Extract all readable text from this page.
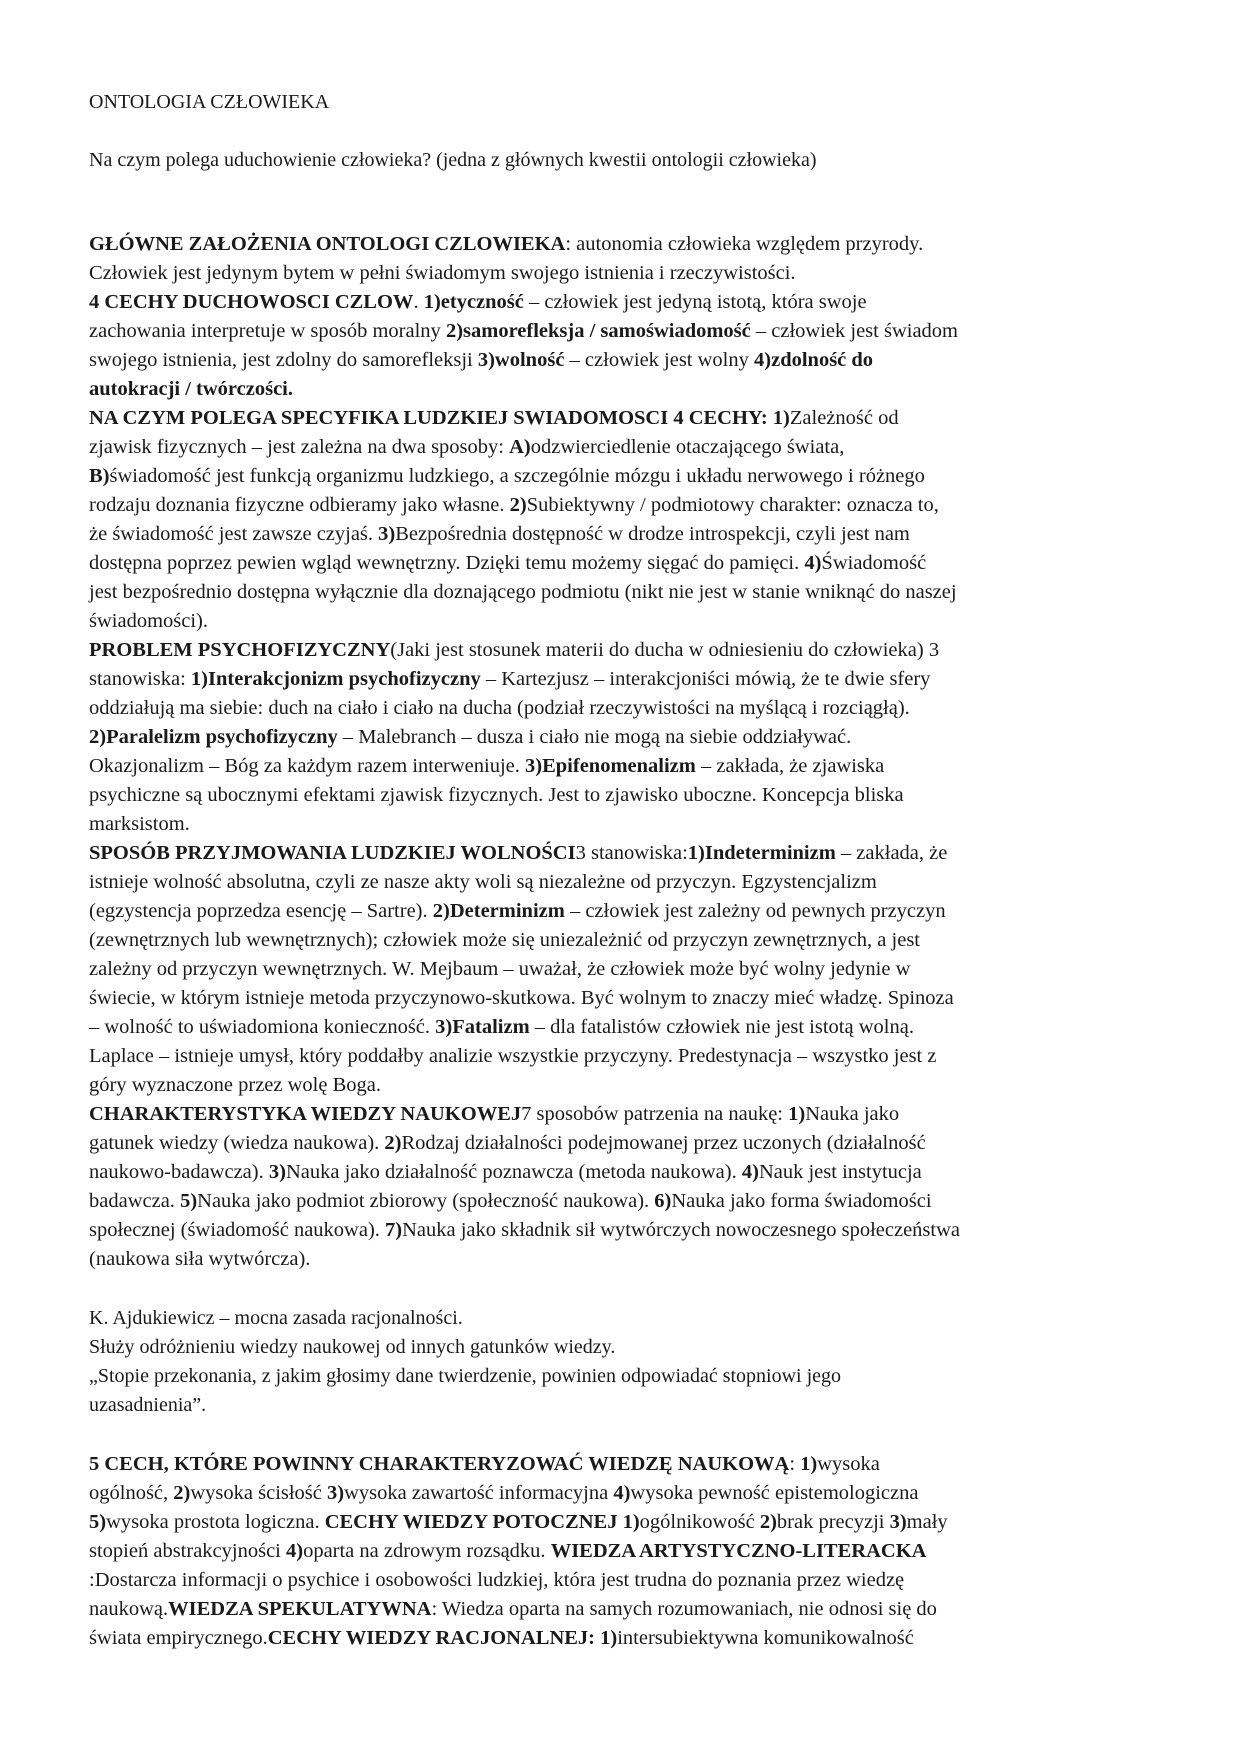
ONTOLOGIA CZŁOWIEKA

Na czym polega uduchowienie człowieka? (jedna z głównych kwestii ontologii człowieka)

GŁÓWNE ZAŁOŻENIA ONTOLOGI CZLOWIEKA: autonomia człowieka względem przyrody.

Człowiek jest jedynym bytem w pełni świadomym swojego istnienia i rzeczywistości.

4 CECHY DUCHOWOSCI CZLOW. 1)etyczność – człowiek jest jedyną istotą, która swoje

zachowania interpretuje w sposób moralny 2)samorefleksja / samoświadomość – człowiek jest świadom

swojego istnienia, jest zdolny do samorefleksji 3)wolność – człowiek jest wolny 4)zdolność do

autokracji / twórczości.

NA CZYM POLEGA SPECYFIKA LUDZKIEJ SWIADOMOSCI 4 CECHY: 1)Zależność od

zjawisk fizycznych – jest zależna na dwa sposoby: A)odzwierciedlenie otaczającego świata,

B)świadomość jest funkcją organizmu ludzkiego, a szczególnie mózgu i układu nerwowego i różnego

rodzaju doznania fizyczne odbieramy jako własne. 2)Subiektywny / podmiotowy charakter: oznacza to,

że świadomość jest zawsze czyjaś. 3)Bezpośrednia dostępność w drodze introspekcji, czyli jest nam

dostępna poprzez pewien wgląd wewnętrzny. Dzięki temu możemy sięgać do pamięci. 4)Świadomość

jest bezpośrednio dostępna wyłącznie dla doznającego podmiotu (nikt nie jest w stanie wniknąć do naszej

świadomości).

PROBLEM PSYCHOFIZYCZNY(Jaki jest stosunek materii do ducha w odniesieniu do człowieka) 3

stanowiska: 1)Interakcjonizm psychofizyczny – Kartezjusz – interakcjoniści mówią, że te dwie sfery

oddziałują ma siebie: duch na ciało i ciało na ducha (podział rzeczywistości na myślącą i rozciągłą).

2)Paralelizm psychofizyczny – Malebranch – dusza i ciało nie mogą na siebie oddziaływać.

Okazjonalizm – Bóg za każdym razem interweniuje. 3)Epifenomenalizm – zakłada, że zjawiska

psychiczne są ubocznymi efektami zjawisk fizycznych. Jest to zjawisko uboczne. Koncepcja bliska

marksistom.

SPOSÓB PRZYJMOWANIA LUDZKIEJ WOLNOŚCI3 stanowiska:1)Indeterminizm – zakłada, że

istnieje wolność absolutna, czyli ze nasze akty woli są niezależne od przyczyn. Egzystencjalizm

(egzystencja poprzedza esencję – Sartre). 2)Determinizm – człowiek jest zależny od pewnych przyczyn

(zewnętrznych lub wewnętrznych); człowiek może się uniezależnić od przyczyn zewnętrznych, a jest

zależny od przyczyn wewnętrznych. W. Mejbaum – uważał, że człowiek może być wolny jedynie w

świecie, w którym istnieje metoda przyczynowo-skutkowa. Być wolnym to znaczy mieć władzę. Spinoza

– wolność to uświadomiona konieczność. 3)Fatalizm – dla fatalistów człowiek nie jest istotą wolną.

Laplace – istnieje umysł, który poddałby analizie wszystkie przyczyny. Predestynacja – wszystko jest z

góry wyznaczone przez wolę Boga.

CHARAKTERYSTYKA WIEDZY NAUKOWEJ7 sposobów patrzenia na naukę: 1)Nauka jako

gatunek wiedzy (wiedza naukowa). 2)Rodzaj działalności podejmowanej przez uczonych (działalność

naukowo-badawcza). 3)Nauka jako działalność poznawcza (metoda naukowa). 4)Nauk jest instytucja

badawcza. 5)Nauka jako podmiot zbiorowy (społeczność naukowa). 6)Nauka jako forma świadomości

społecznej (świadomość naukowa). 7)Nauka jako składnik sił wytwórczych nowoczesnego społeczeństwa

(naukowa siła wytwórcza).

K. Ajdukiewicz – mocna zasada racjonalności.

Służy odróżnieniu wiedzy naukowej od innych gatunków wiedzy.

„Stopie przekonania, z jakim głosimy dane twierdzenie, powinien odpowiadać stopniowi jego

uzasadnienia”.

5 CECH, KTÓRE POWINNY CHARAKTERYZOWAĆ WIEDZĘ NAUKOWĄ: 1)wysoka

ogólność, 2)wysoka ścisłość 3)wysoka zawartość informacyjna 4)wysoka pewność epistemologiczna

5)wysoka prostota logiczna. CECHY WIEDZY POTOCZNEJ 1)ogólnikowość 2)brak precyzji 3)mały

stopień abstrakcyjności 4)oparta na zdrowym rozsądku. WIEDZA ARTYSTYCZNO-LITERACKA

:Dostarcza informacji o psychice i osobowości ludzkiej, która jest trudna do poznania przez wiedzę

naukową.WIEDZA SPEKULATYWNA: Wiedza oparta na samych rozumowaniach, nie odnosi się do

świata empirycznego.CECHY WIEDZY RACJONALNEJ: 1)intersubiektywna komunikowalność
